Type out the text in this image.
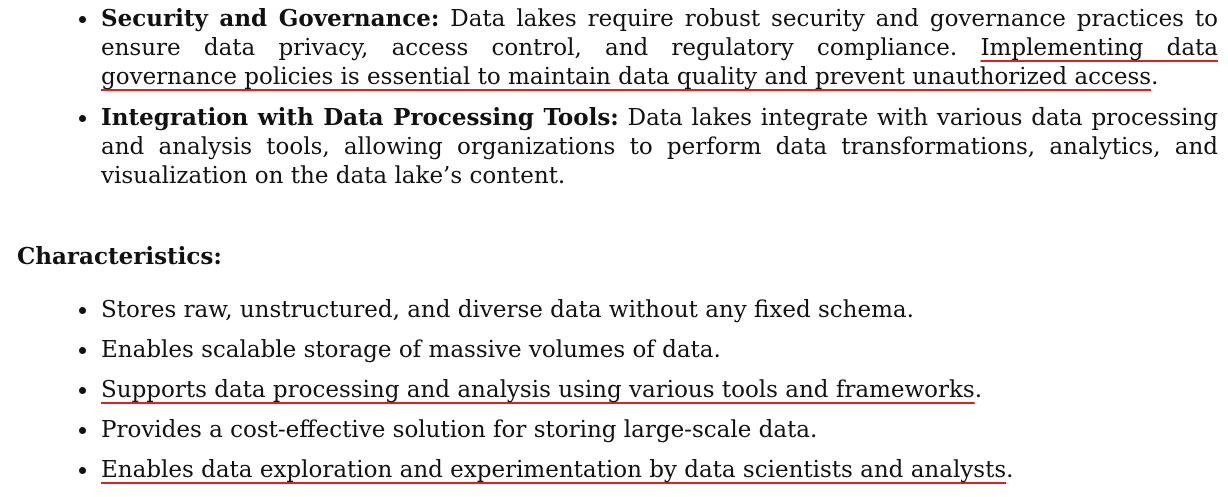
Security and Governance: Data lakes require robust security and governance practices to ensure data privacy, access control, and regulatory compliance. Implementing data governance policies is essential to maintain data quality and prevent unauthorized access.
Integration with Data Processing Tools: Data lakes integrate with various data processing and analysis tools, allowing organizations to perform data transformations, analytics, and visualization on the data lake’s content.
Characteristics:
Stores raw, unstructured, and diverse data without any fixed schema.
Enables scalable storage of massive volumes of data.
Supports data processing and analysis using various tools and frameworks.
Provides a cost-effective solution for storing large-scale data.
Enables data exploration and experimentation by data scientists and analysts.
